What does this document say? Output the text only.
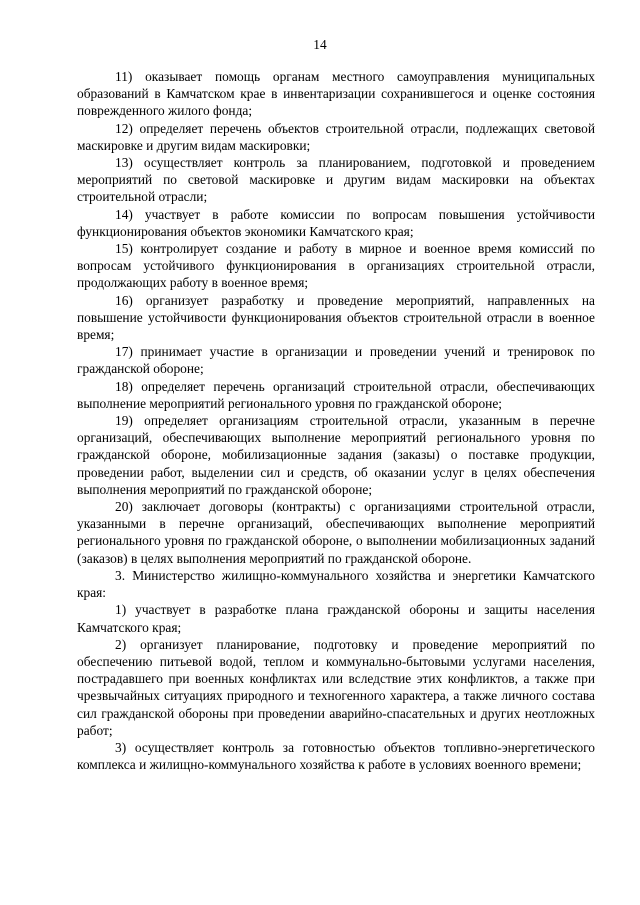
14

11) оказывает помощь органам местного самоуправления муниципальных образований в Камчатском крае в инвентаризации сохранившегося и оценке состояния поврежденного жилого фонда;

12) определяет перечень объектов строительной отрасли, подлежащих световой маскировке и другим видам маскировки;

13) осуществляет контроль за планированием, подготовкой и проведением мероприятий по световой маскировке и другим видам маскировки на объектах строительной отрасли;

14) участвует в работе комиссии по вопросам повышения устойчивости функционирования объектов экономики Камчатского края;

15) контролирует создание и работу в мирное и военное время комиссий по вопросам устойчивого функционирования в организациях строительной отрасли, продолжающих работу в военное время;

16) организует разработку и проведение мероприятий, направленных на повышение устойчивости функционирования объектов строительной отрасли в военное время;

17) принимает участие в организации и проведении учений и тренировок по гражданской обороне;

18) определяет перечень организаций строительной отрасли, обеспечивающих выполнение мероприятий регионального уровня по гражданской обороне;

19) определяет организациям строительной отрасли, указанным в перечне организаций, обеспечивающих выполнение мероприятий регионального уровня по гражданской обороне, мобилизационные задания (заказы) о поставке продукции, проведении работ, выделении сил и средств, об оказании услуг в целях обеспечения выполнения мероприятий по гражданской обороне;

20) заключает договоры (контракты) с организациями строительной отрасли, указанными в перечне организаций, обеспечивающих выполнение мероприятий регионального уровня по гражданской обороне, о выполнении мобилизационных заданий (заказов) в целях выполнения мероприятий по гражданской обороне.

3. Министерство жилищно-коммунального хозяйства и энергетики Камчатского края:

1) участвует в разработке плана гражданской обороны и защиты населения Камчатского края;

2) организует планирование, подготовку и проведение мероприятий по обеспечению питьевой водой, теплом и коммунально-бытовыми услугами населения, пострадавшего при военных конфликтах или вследствие этих конфликтов, а также при чрезвычайных ситуациях природного и техногенного характера, а также личного состава сил гражданской обороны при проведении аварийно-спасательных и других неотложных работ;

3) осуществляет контроль за готовностью объектов топливно-энергетического комплекса и жилищно-коммунального хозяйства к работе в условиях военного времени;
